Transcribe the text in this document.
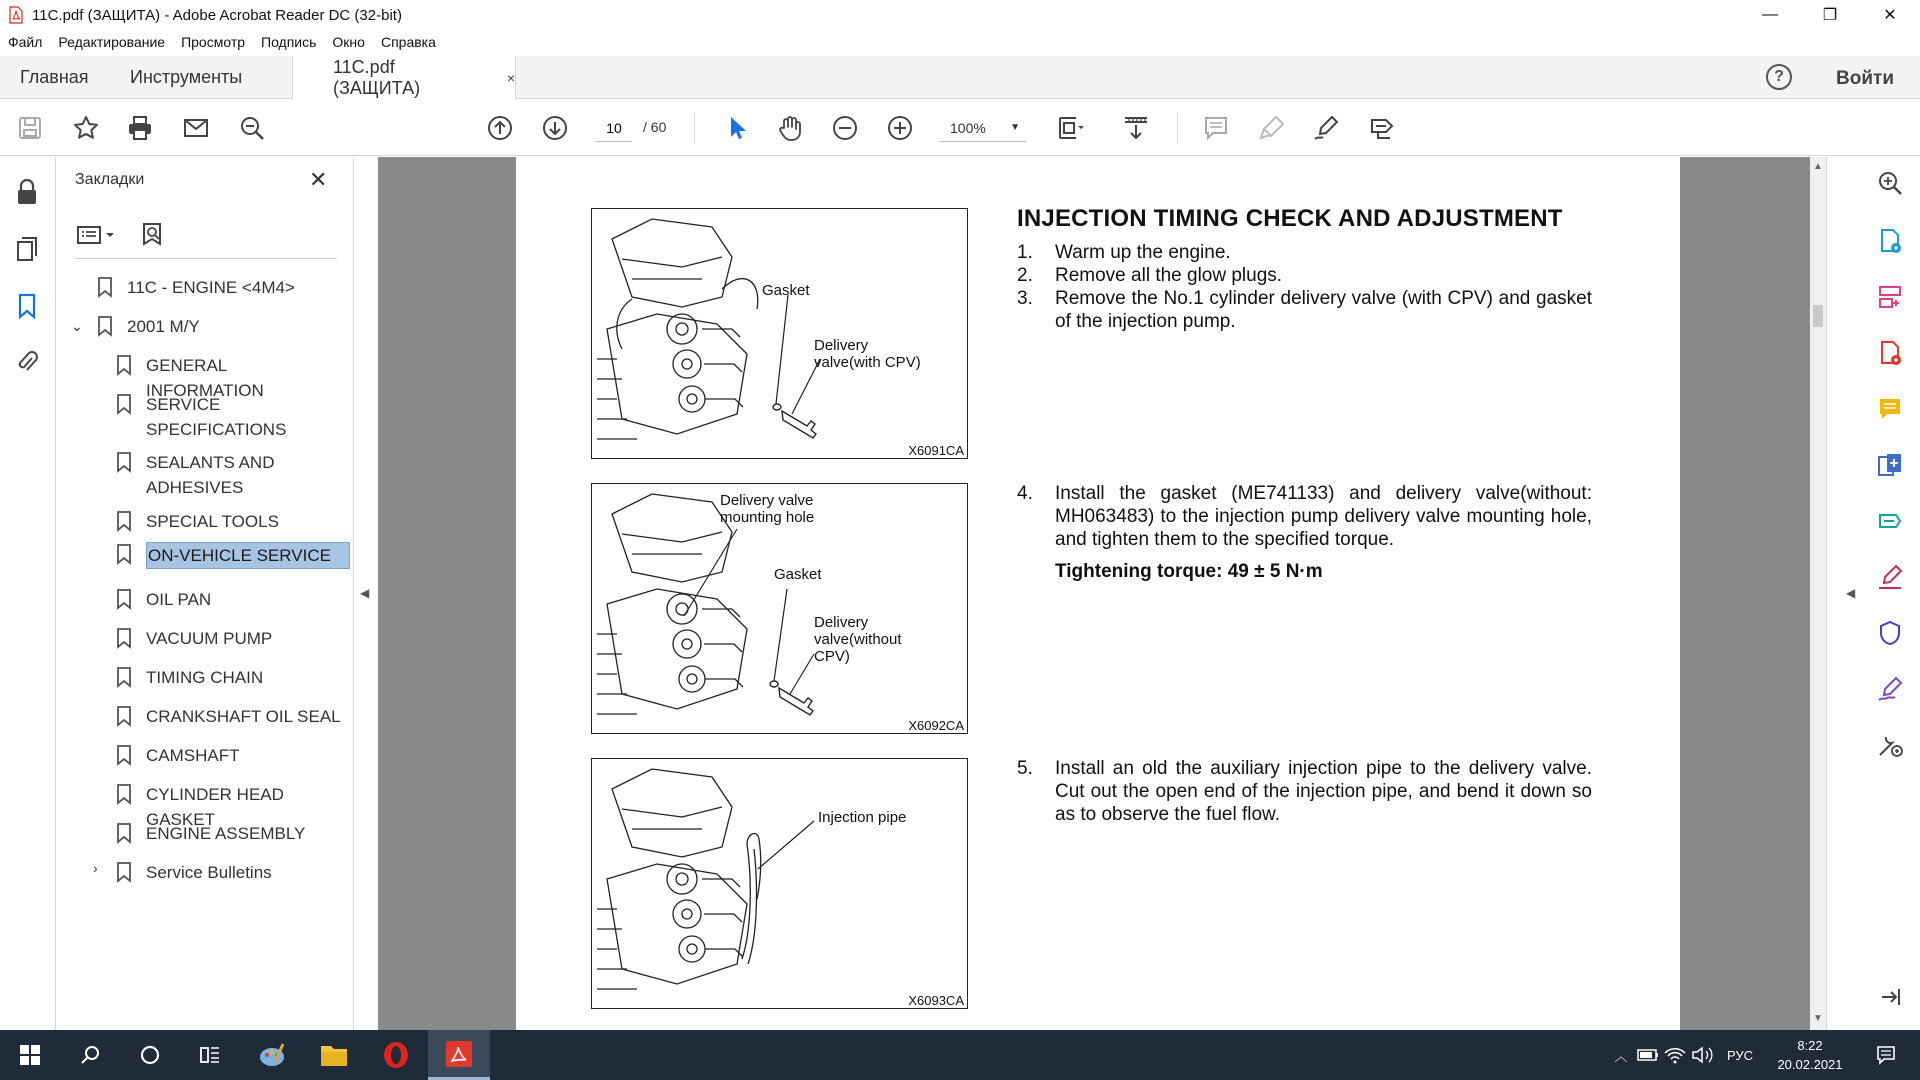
11C.pdf (ЗАЩИТА) - Adobe Acrobat Reader DC (32-bit)	—	❐	✕
Файл Редактирование Просмотр Подпись Окно Справка
Главная Инструменты	11C.pdf (ЗАЩИТА)	×	?	Войти
10
/ 60	100% ▼
Закладки	✕
11C - ENGINE <4M4>
⌄	2001 M/Y
GENERAL INFORMATION
SERVICE SPECIFICATIONS
SEALANTS AND ADHESIVES
SPECIAL TOOLS
ON-VEHICLE SERVICE
OIL PAN
VACUUM PUMP
TIMING CHAIN
CRANKSHAFT OIL SEAL
CAMSHAFT
CYLINDER HEAD GASKET
ENGINE ASSEMBLY
›	Service Bulletins
◀
Gasket
Delivery
valve(with CPV)
X6091CA
Delivery valve
mounting hole
Gasket
Delivery
valve(without
CPV)
X6092CA
Injection pipe
X6093CA
INJECTION TIMING CHECK AND ADJUSTMENT
1.	Warm up the engine.
2.	Remove all the glow plugs.
3.	Remove the No.1 cylinder delivery valve (with CPV) and gasket of the injection pump.
4.	Install the gasket (ME741133) and delivery valve(without: MH063483) to the injection pump delivery valve mounting hole, and tighten them to the specified torque.
Tightening torque: 49 ± 5 N·m
5.	Install an old the auxiliary injection pipe to the delivery valve. Cut out the open end of the injection pipe, and bend it down so as to observe the fuel flow.
▲
▼
◀
︿	РУС
8:22
20.02.2021
